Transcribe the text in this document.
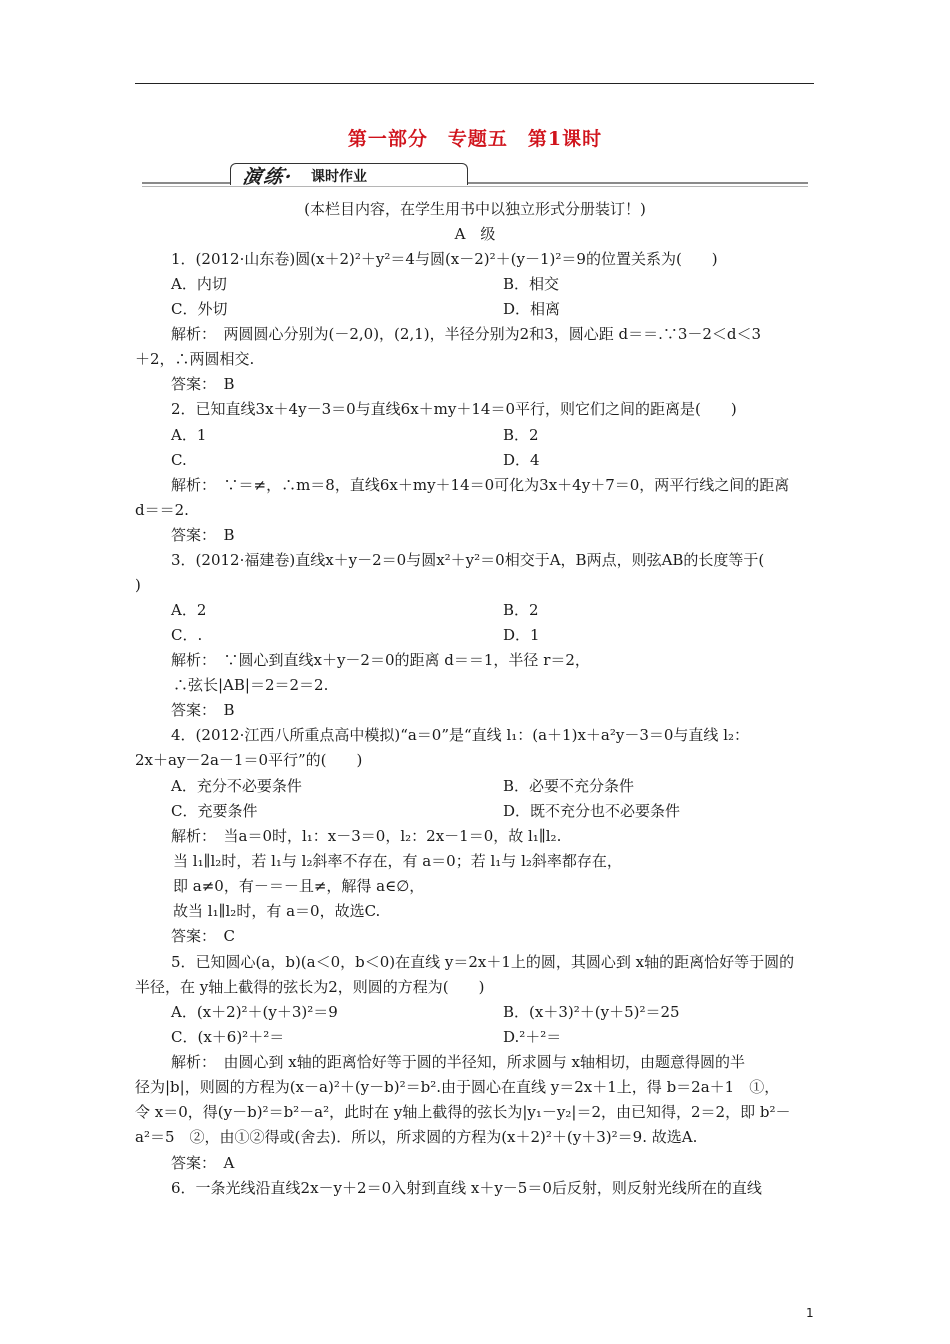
第一部分　专题五　第1课时
演练· 课时作业
(本栏目内容，在学生用书中以独立形式分册装订！)
A　级
1．(2012·山东卷)圆(x＋2)²＋y²＝4与圆(x－2)²＋(y－1)²＝9的位置关系为(　　)
A．内切	B．相交
C．外切	D．相离
解析：　两圆圆心分别为(－2,0)，(2,1)，半径分别为2和3，圆心距 d＝＝.∵3－2＜d＜3
＋2，∴两圆相交.
答案：　B
2．已知直线3x＋4y－3＝0与直线6x＋my＋14＝0平行，则它们之间的距离是(　　)
A．1	B．2
C.	D．4
解析：　∵＝≠，∴m＝8，直线6x＋my＋14＝0可化为3x＋4y＋7＝0，两平行线之间的距离
d＝＝2.
答案：　B
3．(2012·福建卷)直线x＋y－2＝0与圆x²＋y²＝0相交于A，B两点，则弦AB的长度等于(
)
A．2	B．2
C．.	D．1
解析：　∵圆心到直线x＋y－2＝0的距离 d＝＝1，半径 r＝2，
∴弦长|AB|＝2＝2＝2.
答案：　B
4．(2012·江西八所重点高中模拟)“a＝0”是“直线 l₁：(a＋1)x＋a²y－3＝0与直线 l₂：
2x＋ay－2a－1＝0平行”的(　　)
A．充分不必要条件	B．必要不充分条件
C．充要条件	D．既不充分也不必要条件
解析：　当a＝0时，l₁：x－3＝0，l₂：2x－1＝0，故 l₁∥l₂.
当 l₁∥l₂时，若 l₁与 l₂斜率不存在，有 a＝0；若 l₁与 l₂斜率都存在，
即 a≠0，有－＝－且≠，解得 a∈∅，
故当 l₁∥l₂时，有 a＝0，故选C.
答案：　C
5．已知圆心(a，b)(a＜0，b＜0)在直线 y＝2x＋1上的圆，其圆心到 x轴的距离恰好等于圆的
半径，在 y轴上截得的弦长为2，则圆的方程为(　　)
A．(x＋2)²＋(y＋3)²＝9	B．(x＋3)²＋(y＋5)²＝25
C．(x＋6)²＋²＝	D.²＋²＝
解析：　由圆心到 x轴的距离恰好等于圆的半径知，所求圆与 x轴相切，由题意得圆的半
径为|b|，则圆的方程为(x－a)²＋(y－b)²＝b².由于圆心在直线 y＝2x＋1上，得 b＝2a＋1　①，
令 x＝0，得(y－b)²＝b²－a²，此时在 y轴上截得的弦长为|y₁－y₂|＝2，由已知得，2＝2，即 b²－
a²＝5　②，由①②得或(舍去)．所以，所求圆的方程为(x＋2)²＋(y＋3)²＝9. 故选A.
答案：　A
6．一条光线沿直线2x－y＋2＝0入射到直线 x＋y－5＝0后反射，则反射光线所在的直线
1
